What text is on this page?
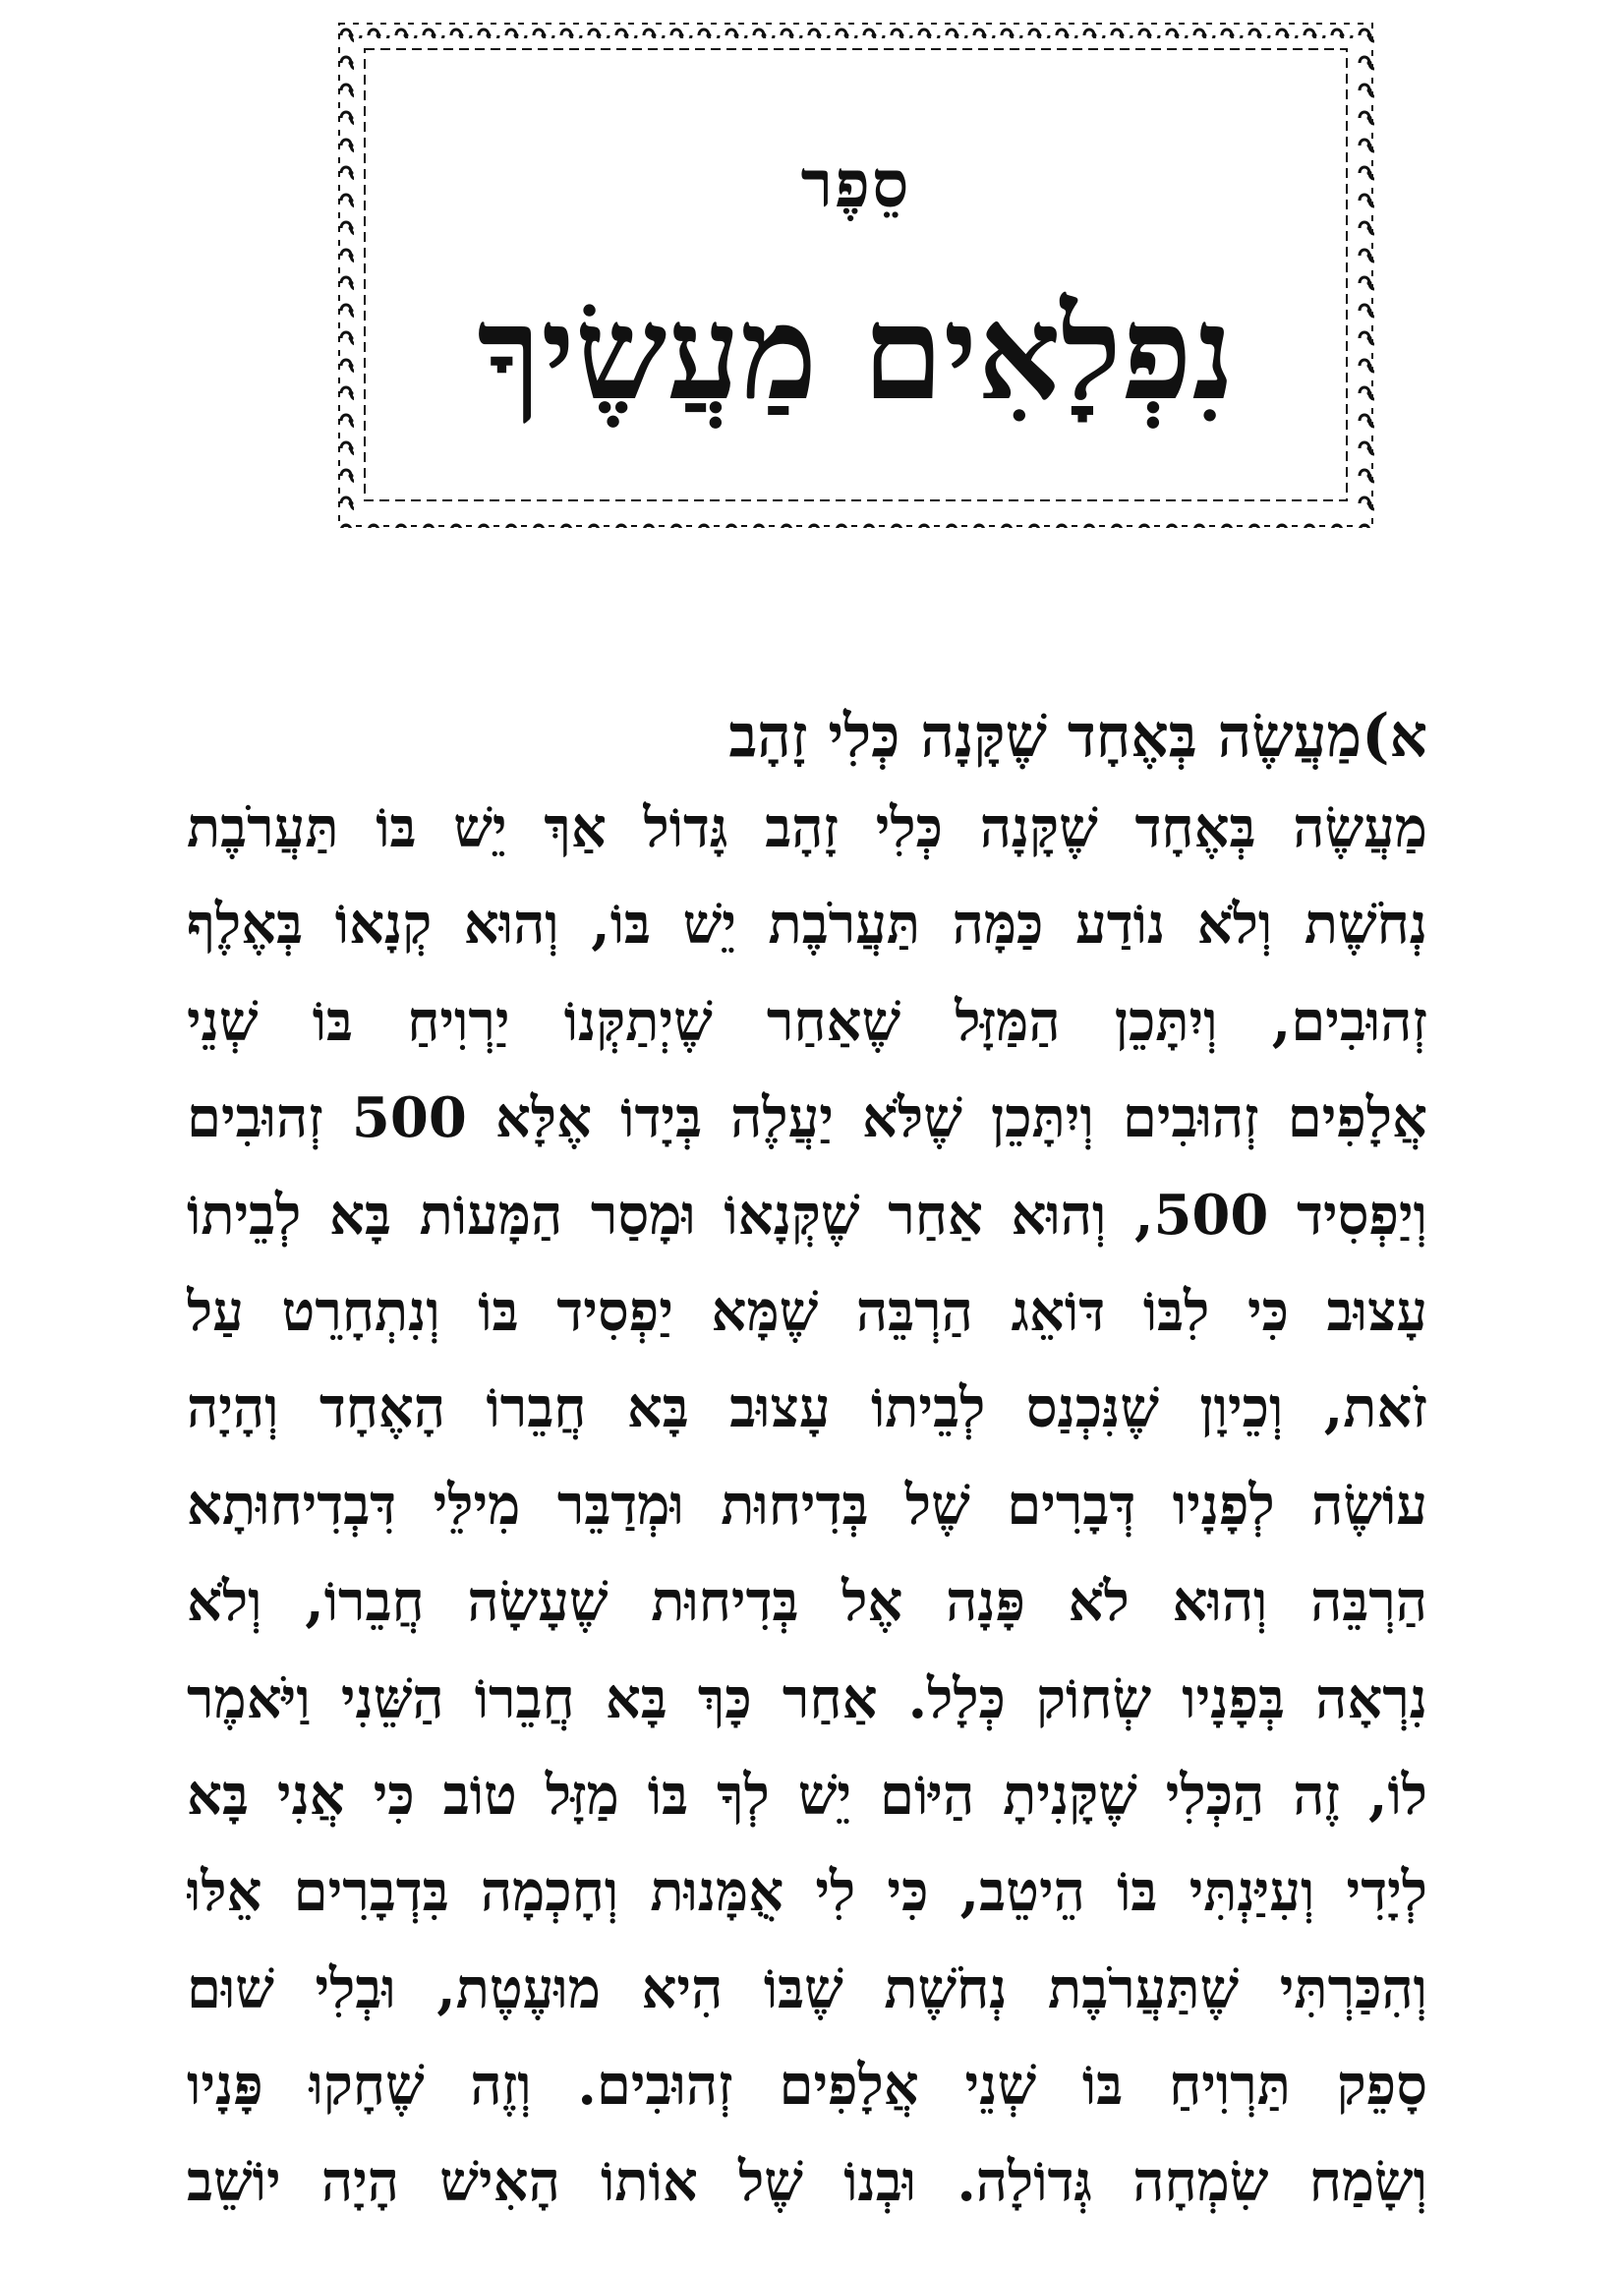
סֵפֶר
נִפְלָאִים מַעֲשֶׂיךָ
א)מַעֲשֶׂה בְּאֶחָד שֶׁקָּנָה כְּלִי זָהָב
מַעֲשֶׂה בְּאֶחָד שֶׁקָּנָה כְּלִי זָהָב גָּדוֹל אַךְ יֵשׁ בּוֹ תַּעֲרֹבֶת
נְחֹשֶׁת וְלֹא נוֹדַע כַּמָּה תַּעֲרֹבֶת יֵשׁ בּוֹ, וְהוּא קְנָאוֹ בְּאֶלֶף
זְהוּבִים, וְיִתָּכֵן הַמַּזָּל שֶׁאַחַר שֶׁיְתַקְּנוֹ יַרְוִיחַ בּוֹ שְׁנֵי
אֲלָפִים זְהוּבִים וְיִתָּכֵן שֶׁלֹּא יַעֲלֶה בְּיָדוֹ אֶלָּא 500 זְהוּבִים
וְיַפְסִיד 500, וְהוּא אַחַר שֶׁקְּנָאוֹ וּמָסַר הַמָּעוֹת בָּא לְבֵיתוֹ
עָצוּב כִּי לִבּוֹ דּוֹאֵג הַרְבֵּה שֶׁמָּא יַפְסִיד בּוֹ וְנִתְחָרֵט עַל
זֹאת, וְכֵיוָן שֶׁנִּכְנַס לְבֵיתוֹ עָצוּב בָּא חֲבֵרוֹ הָאֶחָד וְהָיָה
עוֹשֶׂה לְפָנָיו דְּבָרִים שֶׁל בְּדִיחוּת וּמְדַבֵּר מִילֵּי דִּבְדִיחוּתָא
הַרְבֵּה וְהוּא לֹא פָּנָה אֶל בְּדִיחוּת שֶׁעָשָׂה חֲבֵרוֹ, וְלֹא
נִרְאָה בְּפָנָיו שְׂחוֹק כְּלָל. אַחַר כָּךְ בָּא חֲבֵרוֹ הַשֵּׁנִי וַיֹּאמֶר
לוֹ, זֶה הַכְּלִי שֶׁקָּנִיתָ הַיּוֹם יֵשׁ לְךָ בּוֹ מַזָּל טוֹב כִּי אֲנִי בָּא
לְיָדִי וְעִיַּנְתִּי בּוֹ הֵיטֵב, כִּי לִי אֻמָּנוּת וְחָכְמָה בִּדְבָרִים אֵלּוּ
וְהִכַּרְתִּי שֶׁתַּעֲרֹבֶת נְחֹשֶׁת שֶׁבּוֹ הִיא מוּעֶטֶת, וּבְלִי שׁוּם
סָפֵק תַּרְוִיחַ בּוֹ שְׁנֵי אֲלָפִים זְהוּבִים. וְזֶה שֶׁחָקוּ פָּנָיו
וְשָׂמַח שִׂמְחָה גְּדוֹלָה. וּבְנוֹ שֶׁל אוֹתוֹ הָאִישׁ הָיָה יוֹשֵׁב
